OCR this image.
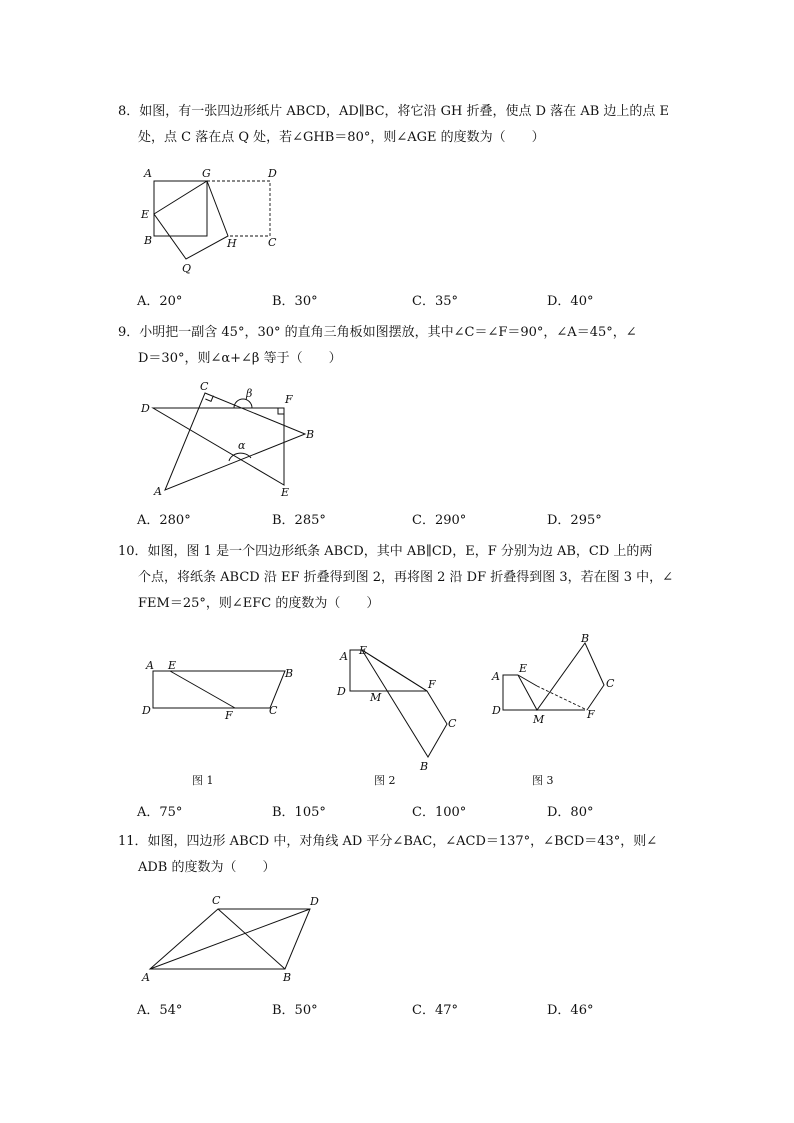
8．如图，有一张四边形纸片 ABCD，AD∥BC，将它沿 GH 折叠，使点 D 落在 AB 边上的点 E

处，点 C 落在点 Q 处，若∠GHB＝80°，则∠AGE 的度数为（　　）

A	G	D
E
B	H	C
Q
A．20°	B．30°	C．35°	D．40°

9．小明把一副含 45°，30° 的直角三角板如图摆放，其中∠C＝∠F＝90°，∠A＝45°，∠

D＝30°，则∠α+∠β 等于（　　）

C
D
F
B
A	E
α
β
A．280°	B．285°	C．290°	D．295°

10．如图，图 1 是一个四边形纸条 ABCD，其中 AB∥CD，E，F 分别为边 AB，CD 上的两

个点，将纸条 ABCD 沿 EF 折叠得到图 2，再将图 2 沿 DF 折叠得到图 3，若在图 3 中，∠

FEM＝25°，则∠EFC 的度数为（　　）

A E
B
D	F	C
图 1
A E
D M
F
C
B
图 2
A
E
D
M	F
B
C
图 3
A．75°	B．105°	C．100°	D．80°

11．如图，四边形 ABCD 中，对角线 AD 平分∠BAC，∠ACD＝137°，∠BCD＝43°，则∠

ADB 的度数为（　　）

C	D
A	B
A．54°	B．50°	C．47°	D．46°
